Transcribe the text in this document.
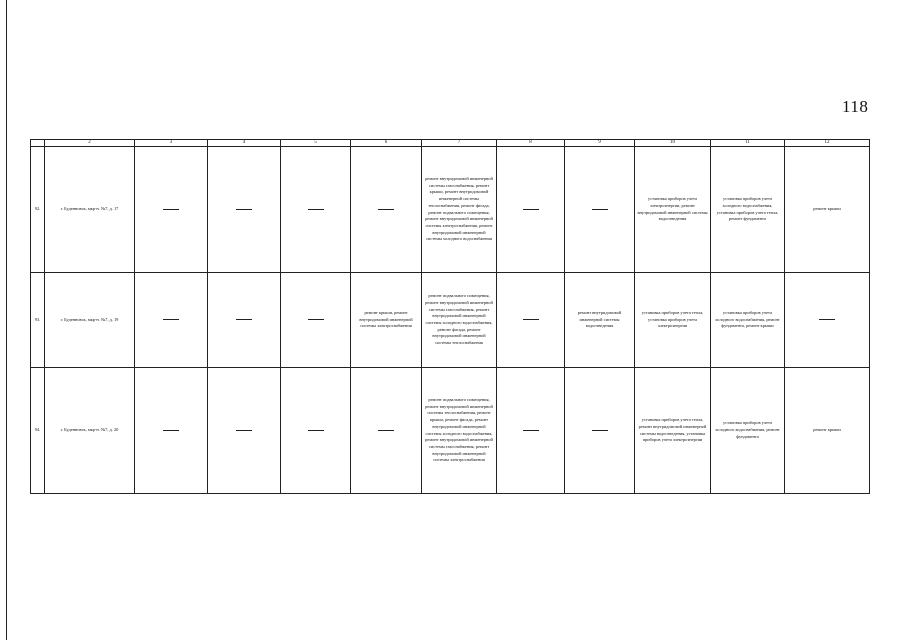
118
	2	3	4	5	6	7	8	9	10	11	12
92.	г. Буденновск, мкр-н. №7, д. 17					ремонт внутридомовой инженерной системы газоснабжения, ремонт крыши, ремонт внутридомовой инженерной системы теплоснабжения, ремонт фасада, ремонт подвального помещения, ремонт внутридомовой инженерной системы электроснабжения, ремонт внутридомовой инженерной системы холодного водоснабжения			установка приборов учета электроэнергии, ремонт внутридомовой инженерной системы водоотведения	установка приборов учета холодного водоснабжения, установка приборов учета тепла, ремонт фундамента	ремонт крыши
93.	г. Буденновск, мкр-н. №7, д. 19				ремонт крыши, ремонт внутридомовой инженерной системы электроснабжения	ремонт подвального помещения, ремонт внутридомовой инженерной системы газоснабжения, ремонт внутридомовой инженерной системы холодного водоснабжения, ремонт фасада, ремонт внутридомовой инженерной системы теплоснабжения		ремонт внутридомовой инженерной системы водоотведения	установка приборов учета тепла, установка приборов учета электроэнергии	установка приборов учета холодного водоснабжения, ремонт фундамента, ремонт крыши	
94.	г. Буденновск, мкр-н. №7, д. 20					ремонт подвального помещения, ремонт внутридомовой инженерной системы теплоснабжения, ремонт крыши, ремонт фасада, ремонт внутридомовой инженерной системы холодного водоснабжения, ремонт внутридомовой инженерной системы газоснабжения, ремонт внутридомовой инженерной системы электроснабжения			установка приборов учета тепла, ремонт внутридомовой инженерной системы водоотведения, установка приборов учета электроэнергии	установка приборов учета холодного водоснабжения, ремонт фундамента	ремонт крыши
